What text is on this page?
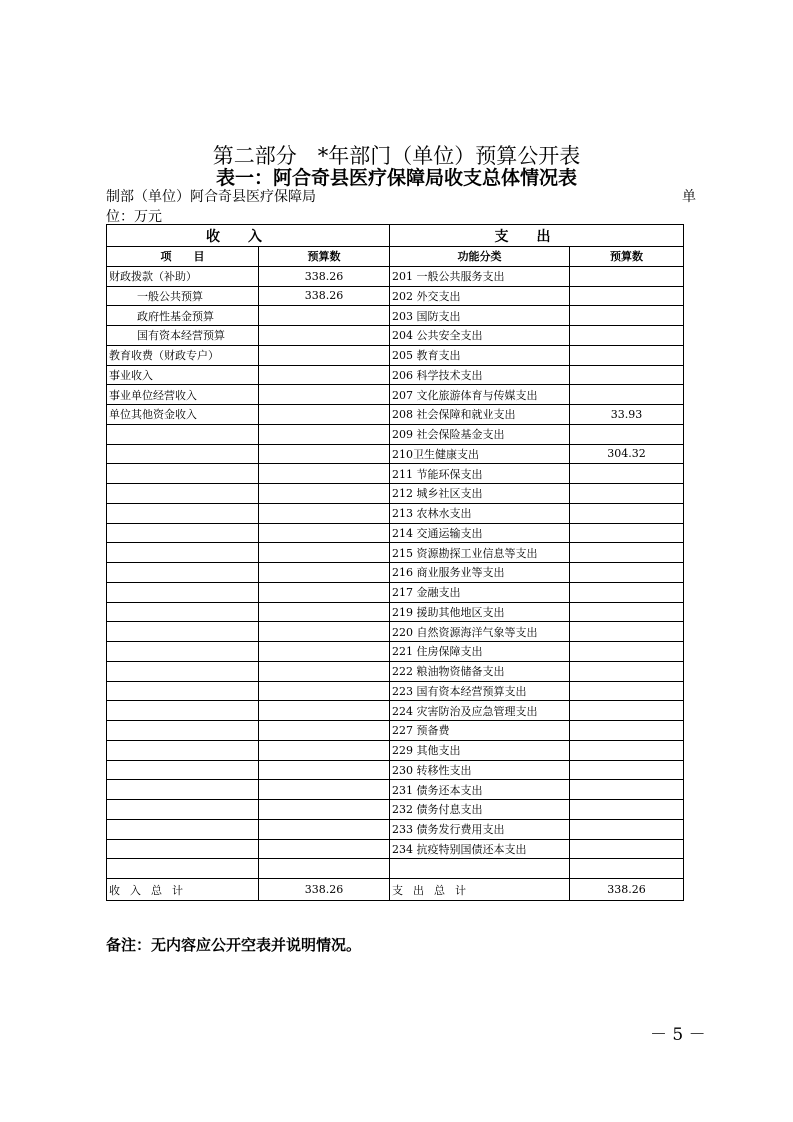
第二部分　*年部门（单位）预算公开表
表一：阿合奇县医疗保障局收支总体情况表
制部（单位）阿合奇县医疗保障局	单
位：万元
收入		支出	
项　　目	预算数	功能分类	预算数
财政拨款（补助）	338.26	201 一般公共服务支出	
一般公共预算	338.26	202 外交支出	
政府性基金预算		203 国防支出	
国有资本经营预算		204 公共安全支出	
教育收费（财政专户）		205 教育支出	
事业收入		206 科学技术支出	
事业单位经营收入		207 文化旅游体育与传媒支出	
单位其他资金收入		208 社会保障和就业支出	33.93
		209 社会保险基金支出	
		210卫生健康支出	304.32
		211 节能环保支出	
		212 城乡社区支出	
		213 农林水支出	
		214 交通运输支出	
		215 资源勘探工业信息等支出	
		216 商业服务业等支出	
		217 金融支出	
		219 援助其他地区支出	
		220 自然资源海洋气象等支出	
		221 住房保障支出	
		222 粮油物资储备支出	
		223 国有资本经营预算支出	
		224 灾害防治及应急管理支出	
		227 预备费	
		229 其他支出	
		230 转移性支出	
		231 债务还本支出	
		232 债务付息支出	
		233 债务发行费用支出	
		234 抗疫特别国债还本支出	

收入总计	338.26	支出总计	338.26
备注：无内容应公开空表并说明情况。
－ 5 －
